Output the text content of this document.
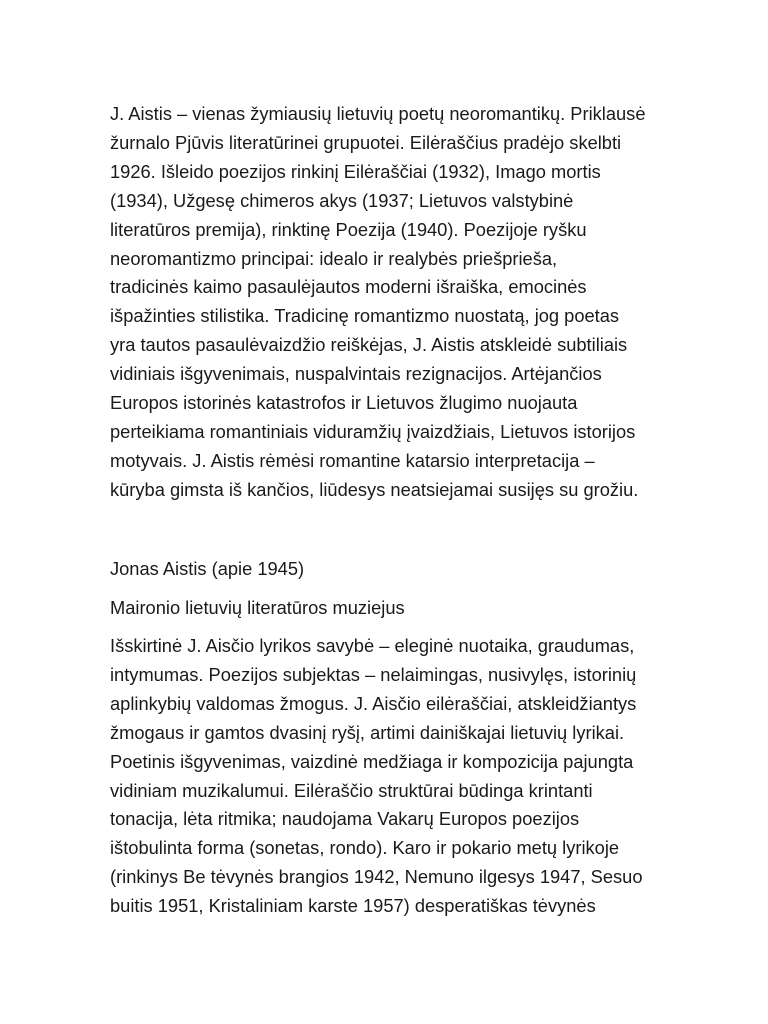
J. Aistis – vienas žymiausių lietuvių poetų neoromantikų. Priklausė
žurnalo Pjūvis literatūrinei grupuotei. Eilėraščius pradėjo skelbti
1926. Išleido poezijos rinkinį Eilėraščiai (1932), Imago mortis
(1934), Užgesę chimeros akys (1937; Lietuvos valstybinė
literatūros premija), rinktinę Poezija (1940). Poezijoje ryšku
neoromantizmo principai: idealo ir realybės priešprieša,
tradicinės kaimo pasaulėjautos moderni išraiška, emocinės
išpažinties stilistika. Tradicinę romantizmo nuostatą, jog poetas
yra tautos pasaulėvaizdžio reiškėjas, J. Aistis atskleidė subtiliais
vidiniais išgyvenimais, nuspalvintais rezignacijos. Artėjančios
Europos istorinės katastrofos ir Lietuvos žlugimo nuojauta
perteikiama romantiniais viduramžių įvaizdžiais, Lietuvos istorijos
motyvais. J. Aistis rėmėsi romantine katarsio interpretacija –
kūryba gimsta iš kančios, liūdesys neatsiejamai susijęs su grožiu.

Jonas Aistis (apie 1945)

Maironio lietuvių literatūros muziejus

Išskirtinė J. Aisčio lyrikos savybė – eleginė nuotaika, graudumas,
intymumas. Poezijos subjektas – nelaimingas, nusivylęs, istorinių
aplinkybių valdomas žmogus. J. Aisčio eilėraščiai, atskleidžiantys
žmogaus ir gamtos dvasinį ryšį, artimi dainiškajai lietuvių lyrikai.
Poetinis išgyvenimas, vaizdinė medžiaga ir kompozicija pajungta
vidiniam muzikalumui. Eilėraščio struktūrai būdinga krintanti
tonacija, lėta ritmika; naudojama Vakarų Europos poezijos
ištobulinta forma (sonetas, rondo). Karo ir pokario metų lyrikoje
(rinkinys Be tėvynės brangios 1942, Nemuno ilgesys 1947, Sesuo
buitis 1951, Kristaliniam karste 1957) desperatiškas tėvynės
